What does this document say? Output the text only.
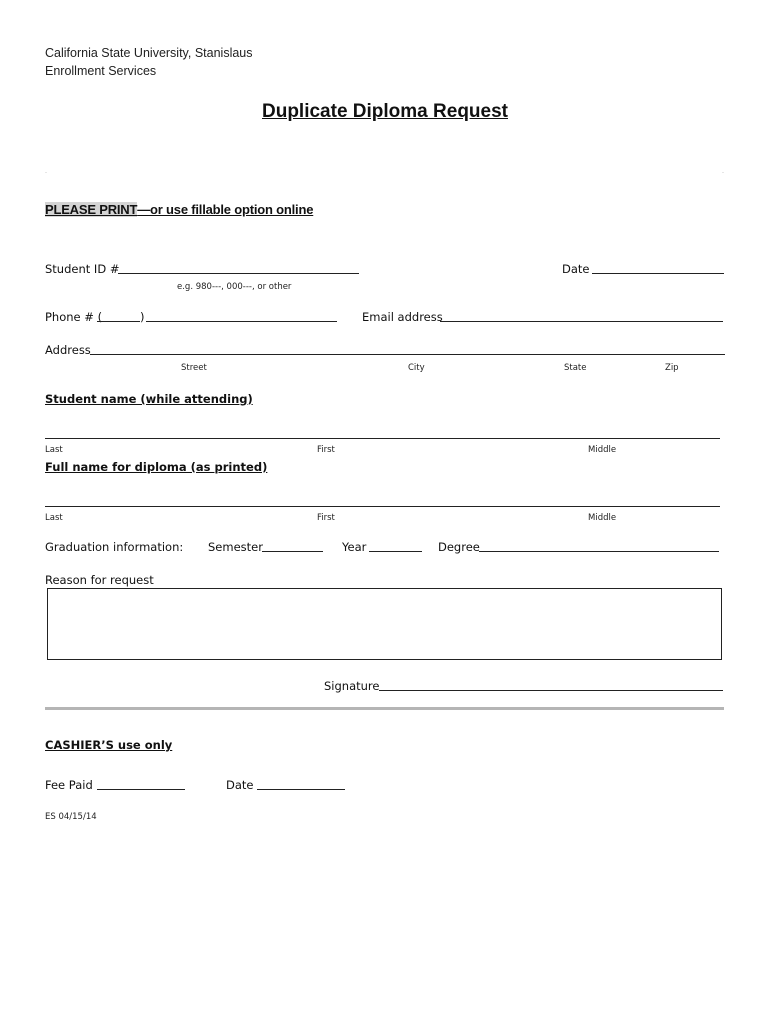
California State University, Stanislaus
Enrollment Services
Duplicate Diploma Request
PLEASE PRINT—or use fillable option online
Student ID #
e.g. 980---, 000---, or other
Date
Phone # (	)	Email address
Address
Street	City	State	Zip
Student name (while attending)
Last	First	Middle
Full name for diploma (as printed)
Last	First	Middle
Graduation information: Semester	Year	Degree
Reason for request
Signature
CASHIER’S use only
Fee Paid	Date
ES 04/15/14
